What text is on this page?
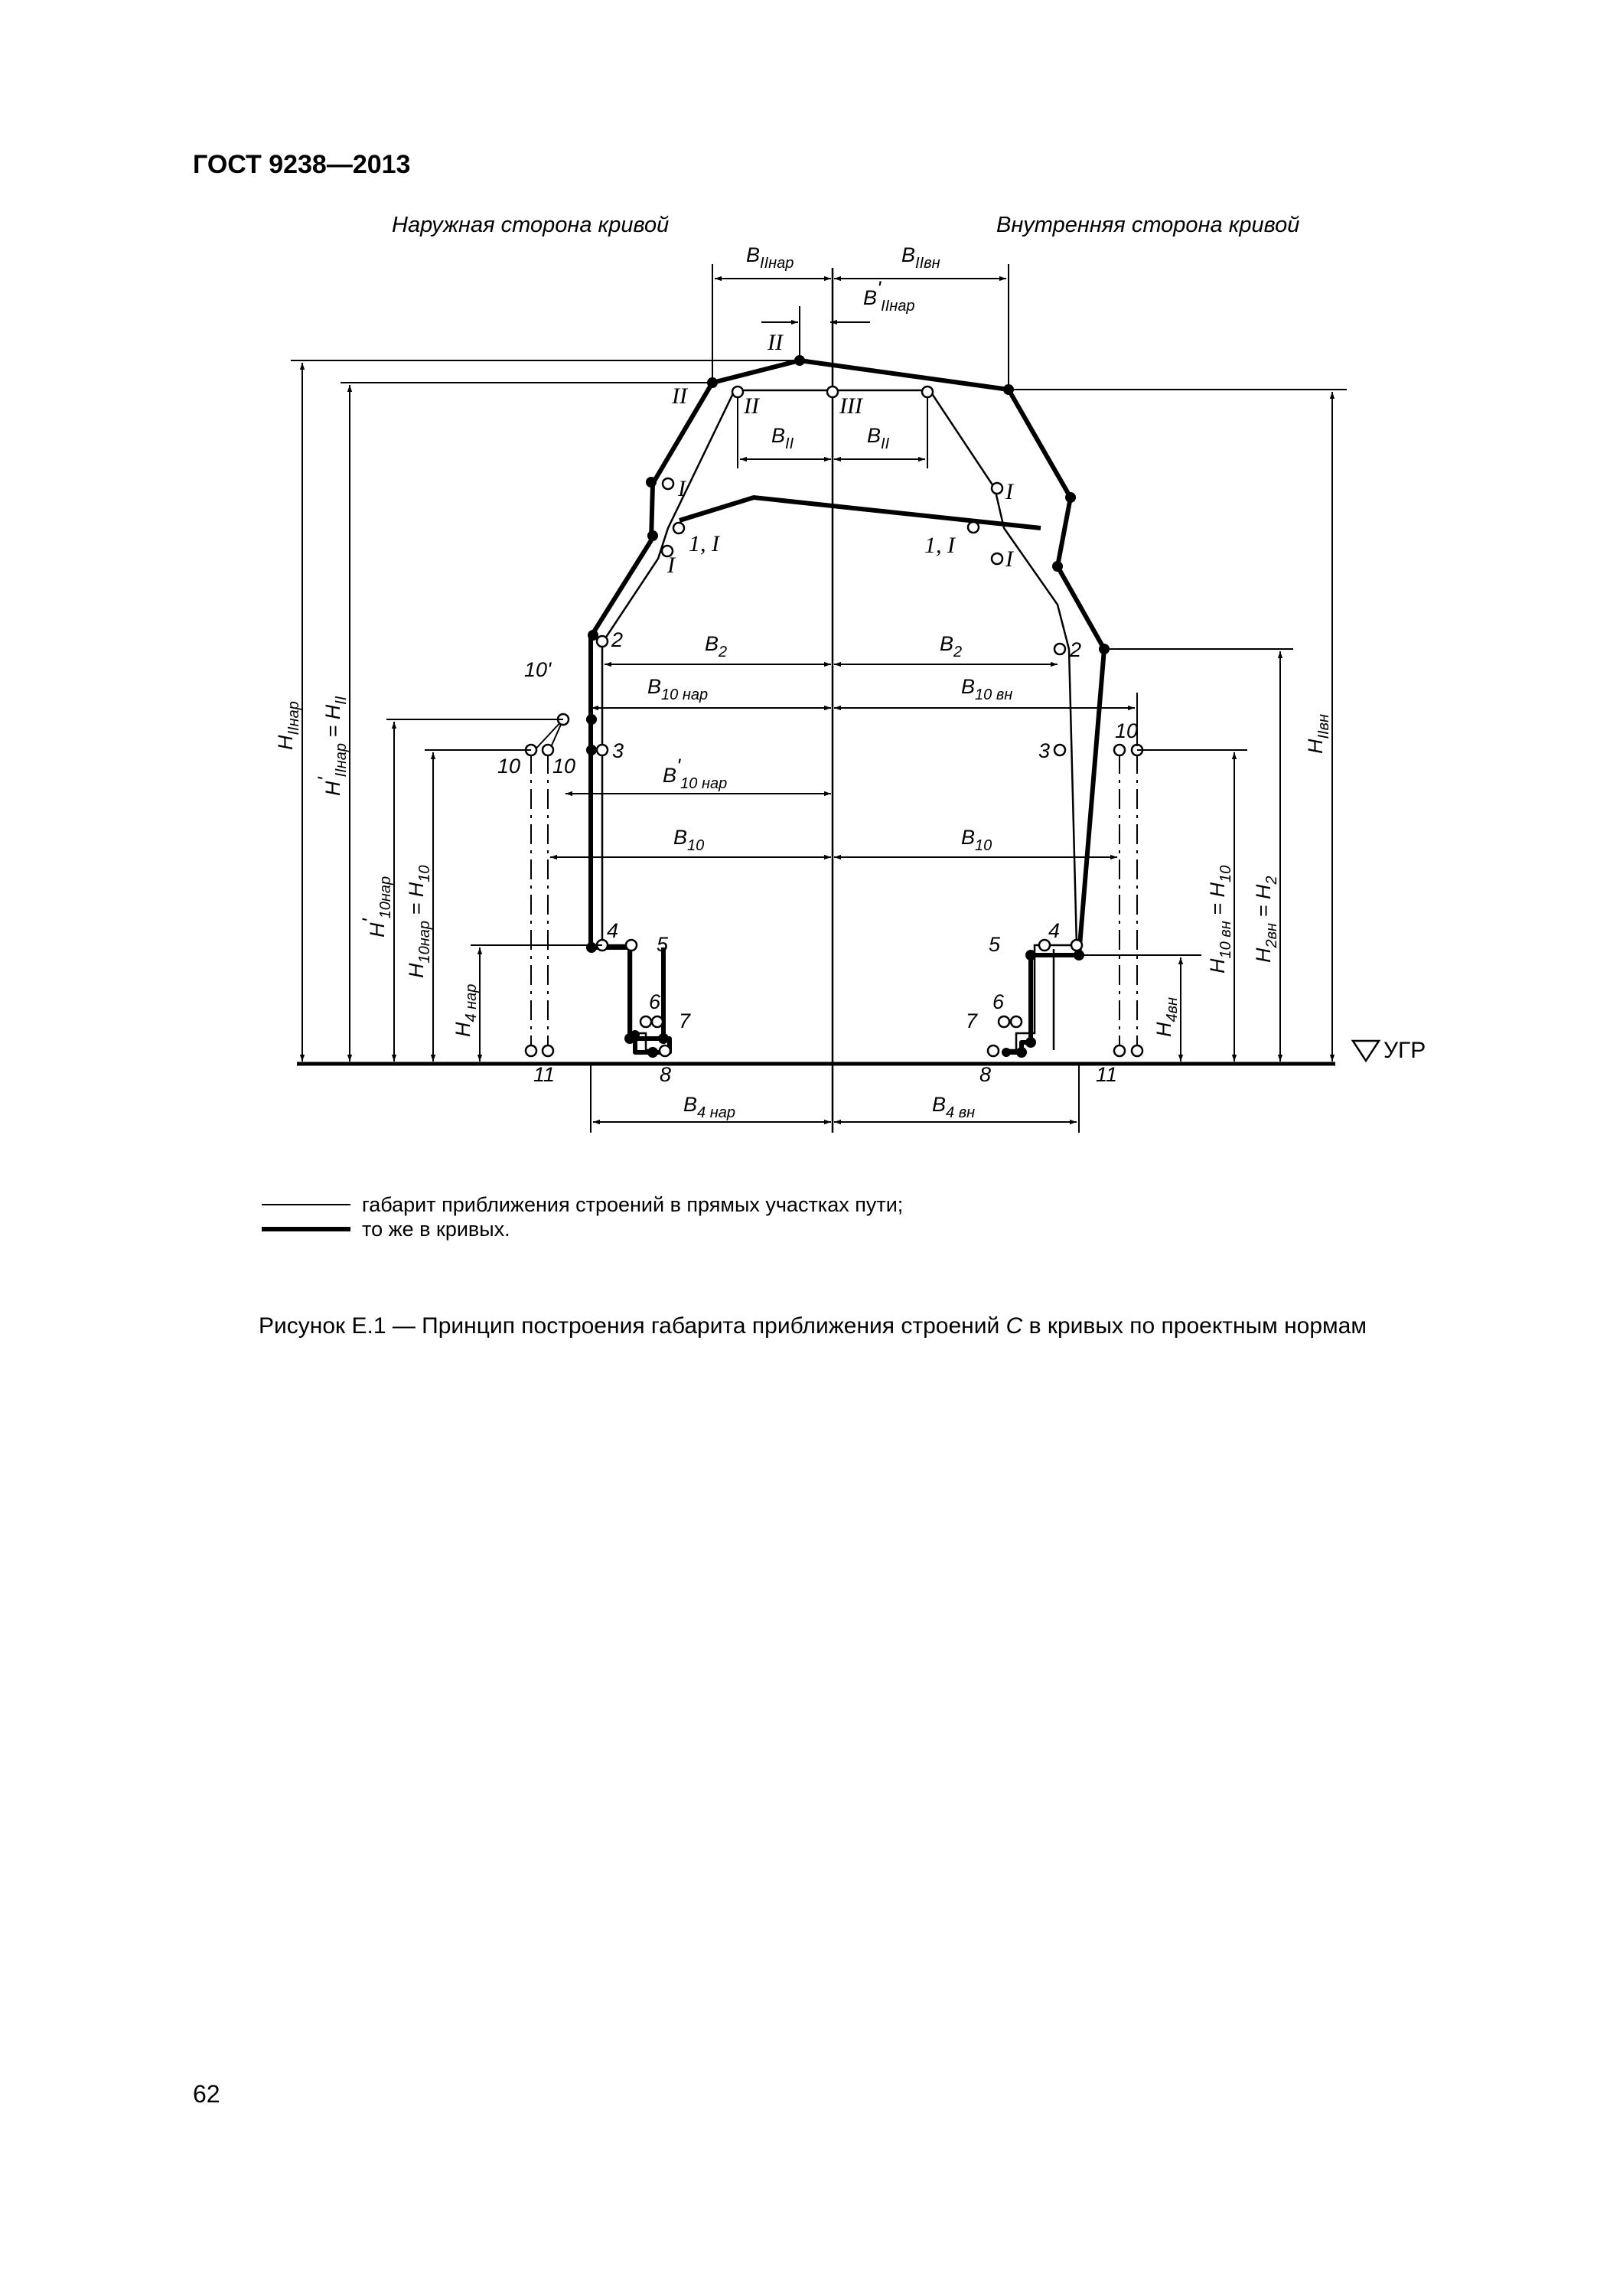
ГОСТ 9238—2013
Наружная сторона кривой	Внутренняя сторона кривой
УГР
$B_{IIнар}$	$B_{IIвн}$
$B'_{IIнар}$
$B_{II}$	$B_{II}$
$B_2$	$B_2$
$B_{10 нар}$	$B_{10 вн}$
$B'_{10 нар}$
$B_{10}$	$B_{10}$
$B_{4 нар}$	$B_{4 вн}$
$H_{IIнар}$
$H'_{IIнар} = H_{II}$
$H'_{10нар}$
$H_{10нар} = H_{10}$
$H_{4 нар}$
$H_{4вн}$
$H_{10 вн} = H_{10}$
$H_{2вн} = H_2$
$H_{IIвн}$
II
II II	III
I	I
1, I	1, I
I	I
2	2
10'
10 10
10
3	3
4	4
5	5
6	6
7	7
8	8
11	11
габарит приближения строений в прямых участках пути;
то же в кривых.
Рисунок Е.1 — Принцип построения габарита приближения строений С в кривых по проектным нормам
62
